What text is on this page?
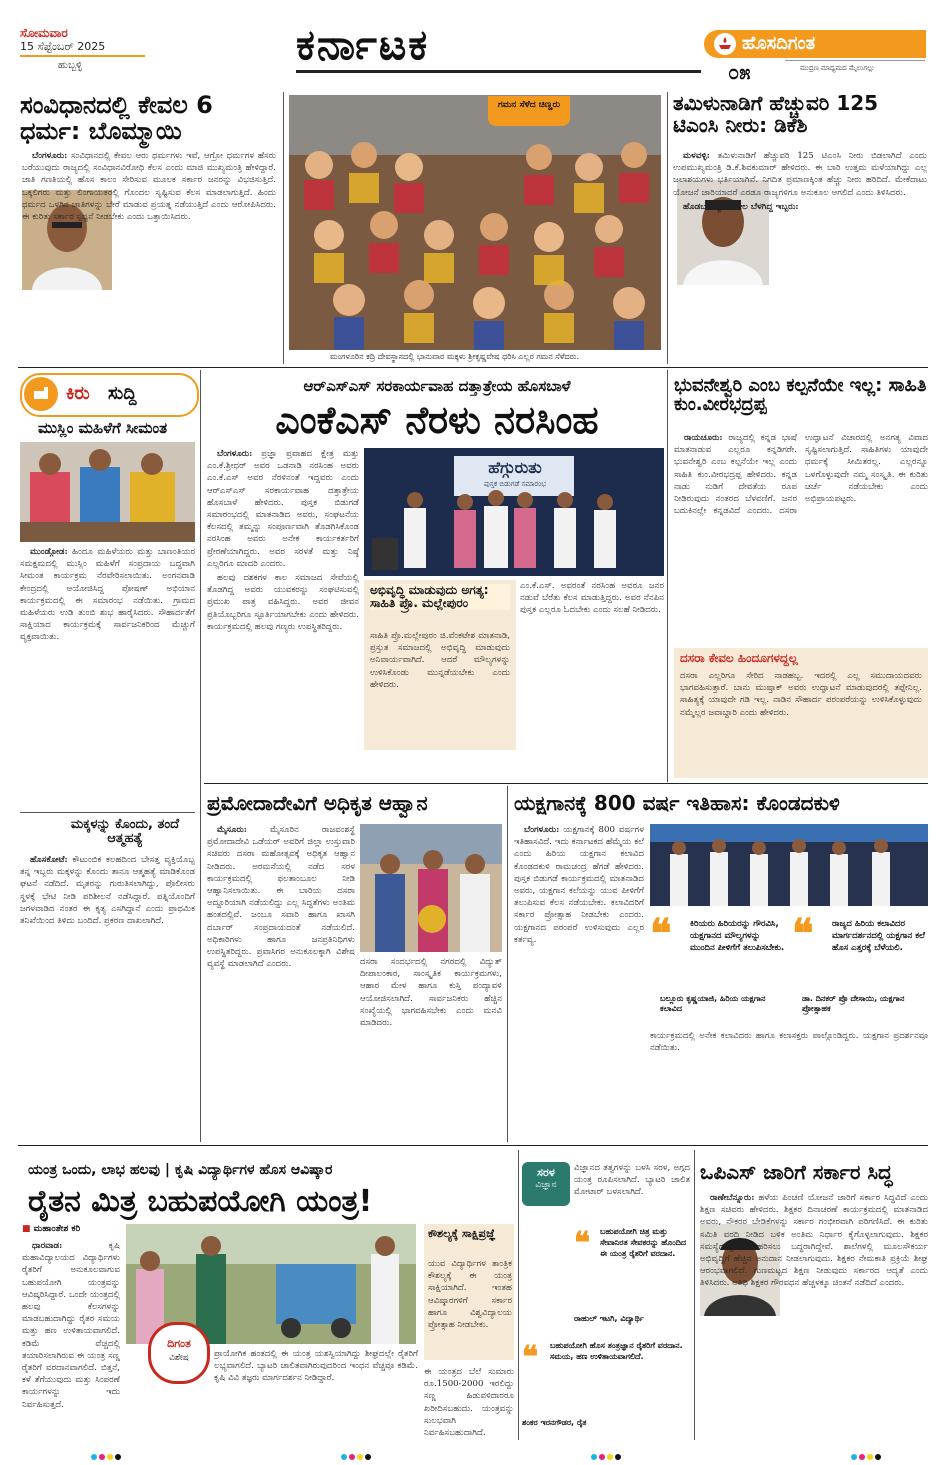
ಸೋಮವಾರ
15 ಸೆಪ್ಟೆಂಬರ್ 2025
ಹುಬ್ಬಳ್ಳಿ	ಕರ್ನಾಟಕ	ಹೊಸದಿಗಂತ
೦೫	ಮುದ್ರಣ ಮಾಧ್ಯಮದ ಮೈಲುಗಲ್ಲು
ಸಂವಿಧಾನದಲ್ಲಿ ಕೇವಲ 6 ಧರ್ಮ: ಬೊಮ್ಮಾಯಿ

ಬೆಂಗಳೂರು: ಸಂವಿಧಾನದಲ್ಲಿ ಕೇವಲ ಆರು ಧರ್ಮಗಳು ಇವೆ, ಆಗ್ರೋ ಧರ್ಮಗಳ ಹೆಸರು ಬರೆಯುವುದು ರಾಜ್ಯದಲ್ಲಿ ಸಂವಿಧಾನವಿರೋಧಿ ಕೆಲಸ ಎಂದು ಮಾಜಿ ಮುಖ್ಯಮಂತ್ರಿ ಹೇಳಿದ್ದಾರೆ. ಜಾತಿ ಗಣತಿಯಲ್ಲಿ ಹೊಸ ಕಾಲಂ ಸೇರಿಸುವ ಮೂಲಕ ಸರ್ಕಾರ ಜನರನ್ನು ವಿಭಜಿಸುತ್ತಿದೆ. ಒಕ್ಕಲಿಗರು ಮತ್ತು ಲಿಂಗಾಯತರಲ್ಲಿ ಗೊಂದಲ ಸೃಷ್ಟಿಸುವ ಕೆಲಸ ಮಾಡಲಾಗುತ್ತಿದೆ. ಹಿಂದು ಧರ್ಮದ ಒಳಗಿನ ಜಾತಿಗಳನ್ನು ಬೇರೆ ಮಾಡುವ ಪ್ರಯತ್ನ ನಡೆಯುತ್ತಿದೆ ಎಂದು ಆರೋಪಿಸಿದರು. ಈ ಕುರಿತು ಸರ್ಕಾರ ಸ್ಪಷ್ಟನೆ ನೀಡಬೇಕು ಎಂದು ಒತ್ತಾಯಿಸಿದರು.

ಗಮನ ಸೆಳೆದ ಚಿಣ್ಣರು
ಮಂಗಳೂರಿನ ಕದ್ರಿ ದೇವಸ್ಥಾನದಲ್ಲಿ ಭಾನುವಾರ ಮಕ್ಕಳು ಶ್ರೀಕೃಷ್ಣವೇಷ ಧರಿಸಿ ಎಲ್ಲರ ಗಮನ ಸೆಳೆದರು.
ತಮಿಳುನಾಡಿಗೆ ಹೆಚ್ಚುವರಿ 125 ಟಿಎಂಸಿ ನೀರು: ಡಿಕೆಶಿ

ಮಳವಳ್ಳಿ: ತಮಿಳುನಾಡಿಗೆ ಹೆಚ್ಚುವರಿ 125 ಟಿಎಂಸಿ ನೀರು ಬಿಡಲಾಗಿದೆ ಎಂದು ಉಪಮುಖ್ಯಮಂತ್ರಿ ಡಿ.ಕೆ.ಶಿವಕುಮಾರ್ ಹೇಳಿದರು. ಈ ಬಾರಿ ಉತ್ತಮ ಮಳೆಯಾಗಿದ್ದು ಎಲ್ಲ ಜಲಾಶಯಗಳು ಭರ್ತಿಯಾಗಿವೆ. ನಿಗದಿತ ಪ್ರಮಾಣಕ್ಕಿಂತ ಹೆಚ್ಚು ನೀರು ಹರಿದಿದೆ. ಮೇಕೆದಾಟು ಯೋಜನೆ ಜಾರಿಯಾದರೆ ಎರಡೂ ರಾಜ್ಯಗಳಿಗೂ ಅನುಕೂಲ ಆಗಲಿದೆ ಎಂದು ತಿಳಿಸಿದರು.

ಹೊಡಬ ವಿದ್ಯುತ್ ಡೀಲ ಬೆಳಗಿದ್ದ ಇಬ್ಬರು:

ಕಿರು ಸುದ್ದಿ
ಮುಸ್ಲಿಂ ಮಹಿಳೆಗೆ ಸೀಮಂತ

ಮುಂಡ್ಗೋಡ: ಹಿಂದೂ ಮಹಿಳೆಯರು ಮತ್ತು ಬಾಣಂತಿಯರ ಸಮಕ್ಷಮದಲ್ಲಿ ಮುಸ್ಲಿಂ ಮಹಿಳೆಗೆ ಸಂಪ್ರದಾಯ ಬದ್ಧವಾಗಿ ಸೀಮಂತ ಕಾರ್ಯಕ್ರಮ ನೆರವೇರಿಸಲಾಯಿತು. ಅಂಗನವಾಡಿ ಕೇಂದ್ರದಲ್ಲಿ ಆಯೋಜಿಸಿದ್ದ ಪೋಷಣ್ ಅಭಿಯಾನ ಕಾರ್ಯಕ್ರಮದಲ್ಲಿ ಈ ಸಮಾರಂಭ ನಡೆಯಿತು. ಗ್ರಾಮದ ಮಹಿಳೆಯರು ಉಡಿ ತುಂಬಿ ಶುಭ ಹಾರೈಸಿದರು. ಸೌಹಾರ್ದತೆಗೆ ಸಾಕ್ಷಿಯಾದ ಕಾರ್ಯಕ್ರಮಕ್ಕೆ ಸಾರ್ವಜನಿಕರಿಂದ ಮೆಚ್ಚುಗೆ ವ್ಯಕ್ತವಾಯಿತು.

ಮಕ್ಕಳನ್ನು ಕೊಂದು, ತಂದೆ ಆತ್ಮಹತ್ಯೆ

ಹೊಸಕೋಟೆ: ಕೌಟುಂಬಿಕ ಕಲಹದಿಂದ ಬೇಸತ್ತ ವ್ಯಕ್ತಿಯೊಬ್ಬ ತನ್ನ ಇಬ್ಬರು ಮಕ್ಕಳನ್ನು ಕೊಂದು ತಾನೂ ಆತ್ಮಹತ್ಯೆ ಮಾಡಿಕೊಂಡ ಘಟನೆ ನಡೆದಿದೆ. ಮೃತರನ್ನು ಗುರುತಿಸಲಾಗಿದ್ದು, ಪೊಲೀಸರು ಸ್ಥಳಕ್ಕೆ ಭೇಟಿ ನೀಡಿ ಪರಿಶೀಲನೆ ನಡೆಸಿದ್ದಾರೆ. ಪತ್ನಿಯೊಂದಿಗೆ ಜಗಳವಾಡಿದ ನಂತರ ಈ ಕೃತ್ಯ ಎಸಗಿದ್ದಾನೆ ಎಂದು ಪ್ರಾಥಮಿಕ ತನಿಖೆಯಿಂದ ತಿಳಿದು ಬಂದಿದೆ. ಪ್ರಕರಣ ದಾಖಲಾಗಿದೆ.

ಆರ್‌ಎಸ್‌ಎಸ್ ಸರಕಾರ್ಯವಾಹ ದತ್ತಾತ್ರೇಯ ಹೊಸಬಾಳೆ
ಎಂಕೆಎಸ್ ನೆರಳು ನರಸಿಂಹ

ಬೆಂಗಳೂರು: ಪ್ರಜ್ಞಾ ಪ್ರವಾಹದ ಕ್ಷೇತ್ರ ಮತ್ತು ಎಂ.ಕೆ.ಶ್ರೀಧರ್ ಅವರ ಒಡನಾಡಿ ನರಸಿಂಹ ಅವರು ಎಂ.ಕೆ.ಎಸ್ ಅವರ ನೆರಳಿನಂತೆ ಇದ್ದವರು ಎಂದು ಆರ್‌ಎಸ್‌ಎಸ್ ಸರಕಾರ್ಯವಾಹ ದತ್ತಾತ್ರೇಯ ಹೊಸಬಾಳೆ ಹೇಳಿದರು. ಪುಸ್ತಕ ಬಿಡುಗಡೆ ಸಮಾರಂಭದಲ್ಲಿ ಮಾತನಾಡಿದ ಅವರು, ಸಂಘಟನೆಯ ಕೆಲಸದಲ್ಲಿ ತಮ್ಮನ್ನು ಸಂಪೂರ್ಣವಾಗಿ ತೊಡಗಿಸಿಕೊಂಡ ನರಸಿಂಹ ಅವರು ಅನೇಕ ಕಾರ್ಯಕರ್ತರಿಗೆ ಪ್ರೇರಣೆಯಾಗಿದ್ದರು. ಅವರ ಸರಳತೆ ಮತ್ತು ನಿಷ್ಠೆ ಎಲ್ಲರಿಗೂ ಮಾದರಿ ಎಂದರು.

ಹಲವು ದಶಕಗಳ ಕಾಲ ಸಮಾಜದ ಸೇವೆಯಲ್ಲಿ ತೊಡಗಿದ್ದ ಅವರು ಯುವಕರನ್ನು ಸಂಘಟಿಸುವಲ್ಲಿ ಪ್ರಮುಖ ಪಾತ್ರ ವಹಿಸಿದ್ದರು. ಅವರ ಜೀವನ ಪ್ರತಿಯೊಬ್ಬರಿಗೂ ಸ್ಫೂರ್ತಿಯಾಗಬೇಕು ಎಂದು ಹೇಳಿದರು. ಕಾರ್ಯಕ್ರಮದಲ್ಲಿ ಹಲವು ಗಣ್ಯರು ಉಪಸ್ಥಿತರಿದ್ದರು.

ಹೆಗ್ಗುರುತು
ಪುಸ್ತಕ ಬಿಡುಗಡೆ ಸಮಾರಂಭ
ಅಭಿವೃದ್ಧಿ ಮಾಡುವುದು ಅಗತ್ಯ: ಸಾಹಿತಿ ಪ್ರೊ. ಮಲ್ಲೇಪುರಂ
ಸಾಹಿತಿ ಪ್ರೊ.ಮಲ್ಲೇಪುರಂ ಜಿ.ವೆಂಕಟೇಶ ಮಾತನಾಡಿ, ಪ್ರಸ್ತುತ ಸಮಾಜದಲ್ಲಿ ಅಭಿವೃದ್ಧಿ ಮಾಡುವುದು ಅನಿವಾರ್ಯವಾಗಿದೆ. ಆದರೆ ಮೌಲ್ಯಗಳನ್ನು ಉಳಿಸಿಕೊಂಡು ಮುನ್ನಡೆಯಬೇಕು ಎಂದು ಹೇಳಿದರು.
ಎಂ.ಕೆ.ಎಸ್. ಅವರಂತೆ ನರಸಿಂಹ ಅವರೂ ಜನರ ನಡುವೆ ಬೆರೆತು ಕೆಲಸ ಮಾಡುತ್ತಿದ್ದರು. ಅವರ ನೆನಪಿನ ಪುಸ್ತಕ ಎಲ್ಲರೂ ಓದಬೇಕು ಎಂದು ಸಲಹೆ ನೀಡಿದರು.
ಭುವನೇಶ್ವರಿ ಎಂಬ ಕಲ್ಪನೆಯೇ ಇಲ್ಲ: ಸಾಹಿತಿ ಕುಂ.ವೀರಭದ್ರಪ್ಪ

ರಾಯಚೂರು: ರಾಜ್ಯದಲ್ಲಿ ಕನ್ನಡ ಭಾಷೆ ಮಾತನಾಡುವ ಎಲ್ಲರೂ ಕನ್ನಡಿಗರೇ. ಭುವನೇಶ್ವರಿ ಎಂಬ ಕಲ್ಪನೆಯೇ ಇಲ್ಲ ಎಂದು ಸಾಹಿತಿ ಕುಂ.ವೀರಭದ್ರಪ್ಪ ಹೇಳಿದರು. ಕನ್ನಡ ನಾಡು ನುಡಿಗೆ ದೇವತೆಯ ರೂಪ ನೀಡಿರುವುದು ನಂತರದ ಬೆಳವಣಿಗೆ. ಜನರ ಬದುಕಿನಲ್ಲೇ ಕನ್ನಡವಿದೆ ಎಂದರು. ದಸರಾ ಉದ್ಘಾಟನೆ ವಿಚಾರದಲ್ಲಿ ಅನಗತ್ಯ ವಿವಾದ ಸೃಷ್ಟಿಸಲಾಗುತ್ತಿದೆ. ಸಾಹಿತಿಗಳು ಯಾವುದೇ ಧರ್ಮಕ್ಕೆ ಸೀಮಿತರಲ್ಲ. ಎಲ್ಲರನ್ನೂ ಒಳಗೊಳ್ಳುವುದೇ ನಮ್ಮ ಸಂಸ್ಕೃತಿ. ಈ ಕುರಿತು ಚರ್ಚೆ ನಡೆಯಬೇಕು ಎಂದು ಅಭಿಪ್ರಾಯಪಟ್ಟರು.

ದಸರಾ ಕೇವಲ ಹಿಂದೂಗಳದ್ದಲ್ಲ
ದಸರಾ ಎಲ್ಲರಿಗೂ ಸೇರಿದ ನಾಡಹಬ್ಬ. ಇದರಲ್ಲಿ ಎಲ್ಲ ಸಮುದಾಯದವರು ಭಾಗವಹಿಸುತ್ತಾರೆ. ಬಾನು ಮುಷ್ತಾಕ್ ಅವರು ಉದ್ಘಾಟನೆ ಮಾಡುವುದರಲ್ಲಿ ತಪ್ಪೇನಿಲ್ಲ. ಸಾಹಿತ್ಯಕ್ಕೆ ಯಾವುದೇ ಗಡಿ ಇಲ್ಲ. ನಾಡಿನ ಸೌಹಾರ್ದ ಪರಂಪರೆಯನ್ನು ಉಳಿಸಿಕೊಳ್ಳುವುದು ನಮ್ಮೆಲ್ಲರ ಜವಾಬ್ದಾರಿ ಎಂದು ಹೇಳಿದರು.
ಪ್ರಮೋದಾದೇವಿಗೆ ಅಧಿಕೃತ ಆಹ್ವಾನ

ಮೈಸೂರು:	ಮೈಸೂರಿನ ರಾಜವಂಶಸ್ಥೆ ಪ್ರಮೋದಾದೇವಿ ಒಡೆಯರ್ ಅವರಿಗೆ ಜಿಲ್ಲಾ ಉಸ್ತುವಾರಿ ಸಚಿವರು ದಸರಾ ಮಹೋತ್ಸವಕ್ಕೆ ಅಧಿಕೃತ ಆಹ್ವಾನ ನೀಡಿದರು. ಅರಮನೆಯಲ್ಲಿ ನಡೆದ ಸರಳ ಕಾರ್ಯಕ್ರಮದಲ್ಲಿ ಫಲತಾಂಬೂಲ ನೀಡಿ ಆಹ್ವಾನಿಸಲಾಯಿತು. ಈ ಬಾರಿಯ ದಸರಾ ಅದ್ದೂರಿಯಾಗಿ ನಡೆಯಲಿದ್ದು ಎಲ್ಲ ಸಿದ್ಧತೆಗಳು ಅಂತಿಮ ಹಂತದಲ್ಲಿವೆ. ಜಂಬೂ ಸವಾರಿ ಹಾಗೂ ಖಾಸಗಿ ದರ್ಬಾರ್ ಸಂಪ್ರದಾಯದಂತೆ ನಡೆಯಲಿದೆ. ಅಧಿಕಾರಿಗಳು ಹಾಗೂ ಜನಪ್ರತಿನಿಧಿಗಳು ಉಪಸ್ಥಿತರಿದ್ದರು. ಪ್ರವಾಸಿಗರ ಅನುಕೂಲಕ್ಕಾಗಿ ವಿಶೇಷ ವ್ಯವಸ್ಥೆ ಮಾಡಲಾಗಿದೆ ಎಂದರು.	ದಸರಾ ಸಂದರ್ಭದಲ್ಲಿ ನಗರದಲ್ಲಿ ವಿದ್ಯುತ್ ದೀಪಾಲಂಕಾರ, ಸಾಂಸ್ಕೃತಿಕ ಕಾರ್ಯಕ್ರಮಗಳು, ಆಹಾರ ಮೇಳ ಹಾಗೂ ಕುಸ್ತಿ ಪಂದ್ಯಾವಳಿ ಆಯೋಜಿಸಲಾಗಿದೆ. ಸಾರ್ವಜನಿಕರು ಹೆಚ್ಚಿನ ಸಂಖ್ಯೆಯಲ್ಲಿ ಭಾಗವಹಿಸಬೇಕು ಎಂದು ಮನವಿ ಮಾಡಿದರು.
ಯಕ್ಷಗಾನಕ್ಕೆ 800 ವರ್ಷ ಇತಿಹಾಸ: ಕೊಂಡದಕುಳಿ

ಬೆಂಗಳೂರು: ಯಕ್ಷಗಾನಕ್ಕೆ 800 ವರ್ಷಗಳ ಇತಿಹಾಸವಿದೆ. ಇದು ಕರ್ನಾಟಕದ ಹೆಮ್ಮೆಯ ಕಲೆ ಎಂದು ಹಿರಿಯ ಯಕ್ಷಗಾನ ಕಲಾವಿದ ಕೊಂಡದಕುಳಿ ರಾಮಚಂದ್ರ ಹೆಗಡೆ ಹೇಳಿದರು. ಪುಸ್ತಕ ಬಿಡುಗಡೆ ಕಾರ್ಯಕ್ರಮದಲ್ಲಿ ಮಾತನಾಡಿದ ಅವರು, ಯಕ್ಷಗಾನ ಕಲೆಯನ್ನು ಯುವ ಪೀಳಿಗೆಗೆ ತಲುಪಿಸುವ ಕೆಲಸ ನಡೆಯಬೇಕು. ಕಲಾವಿದರಿಗೆ ಸರ್ಕಾರ ಪ್ರೋತ್ಸಾಹ ನೀಡಬೇಕು ಎಂದರು. ಯಕ್ಷಗಾನದ ಪರಂಪರೆ ಉಳಿಸುವುದು ಎಲ್ಲರ ಕರ್ತವ್ಯ.	❝ ಕಿರಿಯರು ಹಿರಿಯರನ್ನು ಗೌರವಿಸಿ, ಯಕ್ಷಗಾನದ ಮೌಲ್ಯಗಳನ್ನು ಮುಂದಿನ ಪೀಳಿಗೆಗೆ ತಲುಪಿಸಬೇಕು.
ಬಲ್ಲೂರು ಕೃಷ್ಣಯಾಜಿ, ಹಿರಿಯ ಯಕ್ಷಗಾನ ಕಲಾವಿದ
❝ ರಾಜ್ಯದ ಹಿರಿಯ ಕಲಾವಿದರ ಮಾರ್ಗದರ್ಶನದಲ್ಲಿ ಯಕ್ಷಗಾನ ಕಲೆ ಹೊಸ ಎತ್ತರಕ್ಕೆ ಬೆಳೆಯಲಿ.
ಡಾ. ದಿನಕರ್ ಪ್ರೊ ದೇಸಾಯಿ, ಯಕ್ಷಗಾನ ಪ್ರೋತ್ಸಾಹಕ
ಕಾರ್ಯಕ್ರಮದಲ್ಲಿ ಅನೇಕ ಕಲಾವಿದರು ಹಾಗೂ ಕಲಾಸಕ್ತರು ಪಾಲ್ಗೊಂಡಿದ್ದರು. ಯಕ್ಷಗಾನ ಪ್ರದರ್ಶನವೂ ನಡೆಯಿತು.
ಯಂತ್ರ ಒಂದು, ಲಾಭ ಹಲವು | ಕೃಷಿ ವಿದ್ಯಾರ್ಥಿಗಳ ಹೊಸ ಆವಿಷ್ಕಾರ
ರೈತನ ಮಿತ್ರ ಬಹುಪಯೋಗಿ ಯಂತ್ರ!
■ ಮಹಾಂತೇಶ ಕರಿ

ಧಾರವಾಡ:	ಕೃಷಿ ಮಹಾವಿದ್ಯಾಲಯದ ವಿದ್ಯಾರ್ಥಿಗಳು ರೈತರಿಗೆ ಅನುಕೂಲವಾಗುವ ಬಹುಪಯೋಗಿ ಯಂತ್ರವನ್ನು ಆವಿಷ್ಕರಿಸಿದ್ದಾರೆ. ಒಂದೇ ಯಂತ್ರದಲ್ಲಿ ಹಲವು ಕೆಲಸಗಳನ್ನು ಮಾಡಬಹುದಾಗಿದ್ದು ರೈತರ ಸಮಯ ಮತ್ತು ಹಣ ಉಳಿತಾಯವಾಗಲಿದೆ. ಕಡಿಮೆ ವೆಚ್ಚದಲ್ಲಿ ತಯಾರಿಸಲಾಗಿರುವ ಈ ಯಂತ್ರ ಸಣ್ಣ ರೈತರಿಗೆ ವರದಾನವಾಗಲಿದೆ. ಬಿತ್ತನೆ, ಕಳೆ ತೆಗೆಯುವುದು ಮತ್ತು ಸಿಂಪರಣೆ ಕಾರ್ಯಗಳನ್ನು ಇದು ನಿರ್ವಹಿಸುತ್ತದೆ.

ದಿಗಂತ
ವಿಶೇಷ	ಪ್ರಾಯೋಗಿಕ ಹಂತದಲ್ಲಿ ಈ ಯಂತ್ರ ಯಶಸ್ವಿಯಾಗಿದ್ದು ಶೀಘ್ರದಲ್ಲೇ ರೈತರಿಗೆ ಲಭ್ಯವಾಗಲಿದೆ. ಬ್ಯಾಟರಿ ಚಾಲಿತವಾಗಿರುವುದರಿಂದ ಇಂಧನ ವೆಚ್ಚವೂ ಕಡಿಮೆ. ಕೃಷಿ ವಿವಿ ತಜ್ಞರು ಮಾರ್ಗದರ್ಶನ ನೀಡಿದ್ದಾರೆ.
ಕೌಶಲ್ಯಕ್ಕೆ ಸಾಕ್ಷಿಪ್ರಜ್ಞೆ
ಯುವ ವಿದ್ಯಾರ್ಥಿಗಳ ತಾಂತ್ರಿಕ ಕೌಶಲ್ಯಕ್ಕೆ ಈ ಯಂತ್ರ ಸಾಕ್ಷಿಯಾಗಿದೆ. ಇಂತಹ ಆವಿಷ್ಕಾರಗಳಿಗೆ ಸರ್ಕಾರ ಹಾಗೂ ವಿಶ್ವವಿದ್ಯಾಲಯ ಪ್ರೋತ್ಸಾಹ ನೀಡಬೇಕು.
ಈ ಯಂತ್ರದ ಬೆಲೆ ಸುಮಾರು ರೂ.1500-2000 ಇರಲಿದ್ದು ಸಣ್ಣ ಹಿಡುವಳಿದಾರರೂ ಖರೀದಿಸಬಹುದು. ಯಂತ್ರವನ್ನು ಸುಲಭವಾಗಿ ನಿರ್ವಹಿಸಬಹುದಾಗಿದೆ.
ಸರಳ
ವಿಜ್ಞಾನ
ವಿಜ್ಞಾನದ ತತ್ವಗಳನ್ನು ಬಳಸಿ ಸರಳ, ಅಗ್ಗದ ಯಂತ್ರ ರೂಪಿಸಲಾಗಿದೆ. ಬ್ಯಾಟರಿ ಚಾಲಿತ ಮೋಟಾರ್ ಬಳಸಲಾಗಿದೆ.
❝ ಬಹುಪಯೋಗಿ ಚಿತ್ರ ಮತ್ತು ಸೇವಾನಿರತ ಸೇವಕರನ್ನು ಹೊಂದಿದ ಈ ಯಂತ್ರ ರೈತರಿಗೆ ವರದಾನ.
ರಾಹುಲ್ ಇಟಗಿ, ವಿದ್ಯಾರ್ಥಿ
❝ ಬಹುಪಯೋಗಿ ಹೊಸ ತಂತ್ರಜ್ಞಾನ ರೈತರಿಗೆ ವರದಾನ. ಸಮಯ, ಹಣ ಉಳಿತಾಯವಾಗಲಿದೆ.
ಶಂಕರ ಇರನಗೌಡರ, ರೈತ
ಒಪಿಎಸ್ ಜಾರಿಗೆ ಸರ್ಕಾರ ಸಿದ್ಧ

ರಾಣೇಬೆನ್ನೂರು: ಹಳೆಯ ಪಿಂಚಣಿ ಯೋಜನೆ ಜಾರಿಗೆ ಸರ್ಕಾರ ಸಿದ್ಧವಿದೆ ಎಂದು ಶಿಕ್ಷಣ ಸಚಿವರು ಹೇಳಿದರು. ಶಿಕ್ಷಕರ ದಿನಾಚರಣೆ ಕಾರ್ಯಕ್ರಮದಲ್ಲಿ ಮಾತನಾಡಿದ ಅವರು, ನೌಕರರ ಬೇಡಿಕೆಗಳನ್ನು ಸರ್ಕಾರ ಗಂಭೀರವಾಗಿ ಪರಿಗಣಿಸಿದೆ. ಈ ಕುರಿತು ಸಮಿತಿ ವರದಿ ನೀಡಿದ ಬಳಿಕ ಅಂತಿಮ ನಿರ್ಧಾರ ಕೈಗೊಳ್ಳಲಾಗುವುದು. ಶಿಕ್ಷಕರ ಸಮಸ್ಯೆಗಳನ್ನು ಪರಿಹರಿಸಲು ಬದ್ಧರಾಗಿದ್ದೇವೆ. ಶಾಲೆಗಳಲ್ಲಿ ಮೂಲಸೌಕರ್ಯ ಅಭಿವೃದ್ಧಿಗೆ ಹೆಚ್ಚಿನ ಅನುದಾನ ನೀಡಲಾಗುವುದು. ಶಿಕ್ಷಕರ ನೇಮಕಾತಿ ಪ್ರಕ್ರಿಯೆ ಶೀಘ್ರ ಆರಂಭವಾಗಲಿದೆ. ಗುಣಮಟ್ಟದ ಶಿಕ್ಷಣ ನೀಡುವುದು ಸರ್ಕಾರದ ಆದ್ಯತೆ ಎಂದು ತಿಳಿಸಿದರು. ಅತಿಥಿ ಶಿಕ್ಷಕರ ಗೌರವಧನ ಹೆಚ್ಚಳಕ್ಕೂ ಚಿಂತನೆ ನಡೆದಿದೆ ಎಂದರು.
